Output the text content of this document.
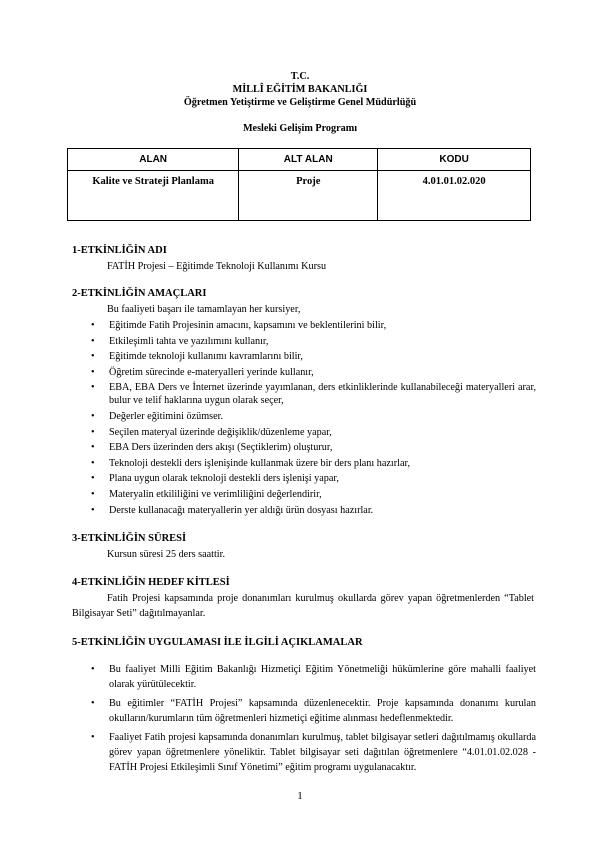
T.C.
MİLLÎ EĞİTİM BAKANLIĞI
Öğretmen Yetiştirme ve Geliştirme Genel Müdürlüğü
Mesleki Gelişim Programı
ALAN	ALT ALAN	KODU
Kalite ve Strateji Planlama	Proje	4.01.01.02.020
1-ETKİNLİĞİN ADI
FATİH Projesi – Eğitimde Teknoloji Kullanımı Kursu
2-ETKİNLİĞİN AMAÇLARI
Bu faaliyeti başarı ile tamamlayan her kursiyer,
• Eğitimde Fatih Projesinin amacını, kapsamını ve beklentilerini bilir,
• Etkileşimli tahta ve yazılımını kullanır,
• Eğitimde teknoloji kullanımı kavramlarını bilir,
• Öğretim sürecinde e-materyalleri yerinde kullanır,
• EBA, EBA Ders ve İnternet üzerinde yayımlanan, ders etkinliklerinde kullanabileceği materyalleri arar, bulur ve telif haklarına uygun olarak seçer,
• Değerler eğitimini özümser.
• Seçilen materyal üzerinde değişiklik/düzenleme yapar,
• EBA Ders üzerinden ders akışı (Seçtiklerim) oluşturur,
• Teknoloji destekli ders işlenişinde kullanmak üzere bir ders planı hazırlar,
• Plana uygun olarak teknoloji destekli ders işlenişi yapar,
• Materyalin etkililiğini ve verimliliğini değerlendirir,
• Derste kullanacağı materyallerin yer aldığı ürün dosyası hazırlar.
3-ETKİNLİĞİN SÜRESİ
Kursun süresi 25 ders saattir.
4-ETKİNLİĞİN HEDEF KİTLESİ
Fatih Projesi kapsamında proje donanımları kurulmuş okullarda görev yapan öğretmenlerden “Tablet Bilgisayar Seti” dağıtılmayanlar.
5-ETKİNLİĞİN UYGULAMASI İLE İLGİLİ AÇIKLAMALAR
• Bu faaliyet Milli Eğitim Bakanlığı Hizmetiçi Eğitim Yönetmeliği hükümlerine göre mahalli faaliyet olarak yürütülecektir.
• Bu eğitimler “FATİH Projesi” kapsamında düzenlenecektir. Proje kapsamında donanımı kurulan okulların/kurumların tüm öğretmenleri hizmetiçi eğitime alınması hedeflenmektedir.
• Faaliyet Fatih projesi kapsamında donanımları kurulmuş, tablet bilgisayar setleri dağıtılmamış okullarda görev yapan öğretmenlere yöneliktir. Tablet bilgisayar seti dağıtılan öğretmenlere “4.01.01.02.028 - FATİH Projesi Etkileşimli Sınıf Yönetimi” eğitim programı uygulanacaktır.
1
